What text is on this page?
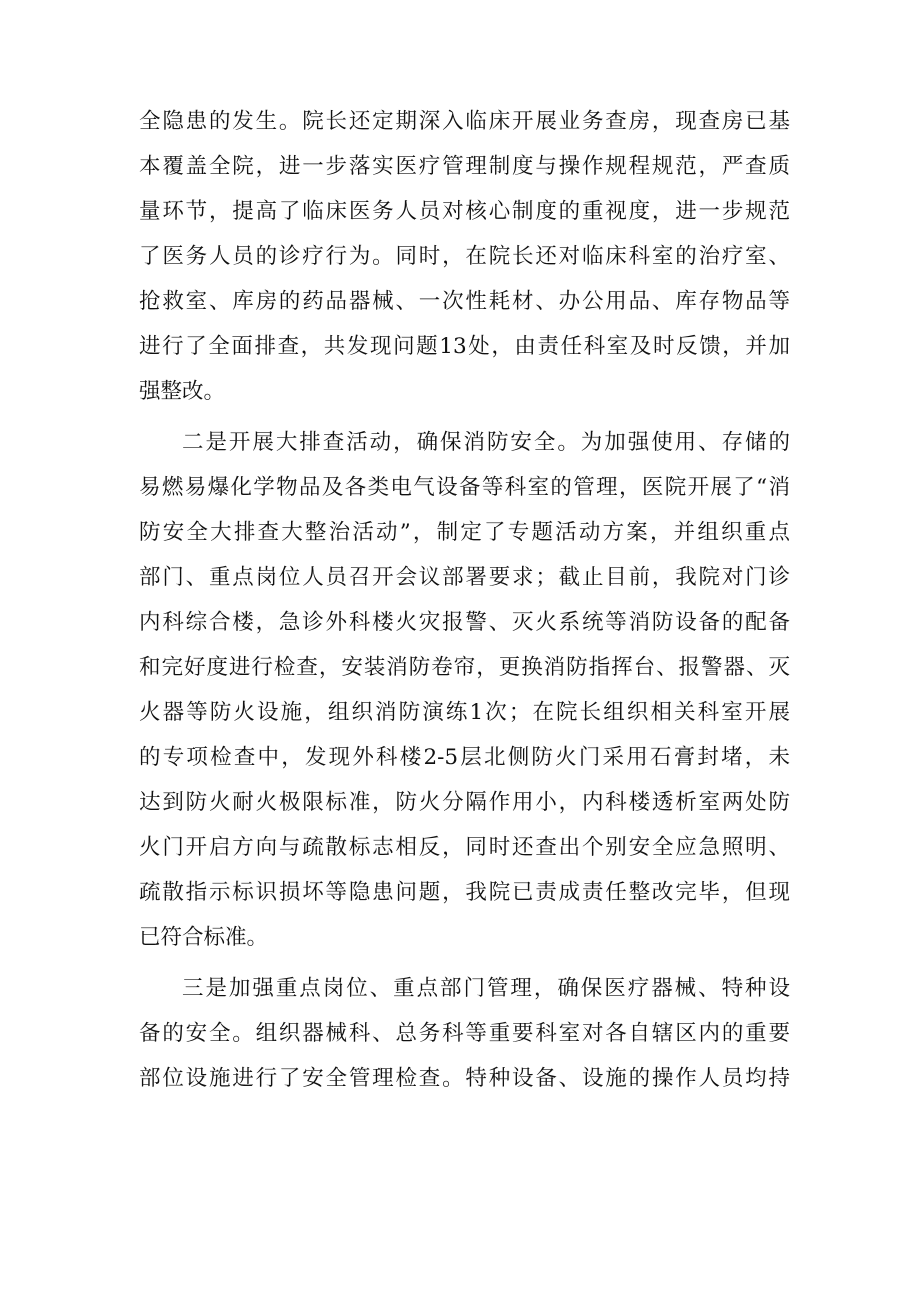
全隐患的发生。院长还定期深入临床开展业务查房，现查房已基
本覆盖全院，进一步落实医疗管理制度与操作规程规范，严查质
量环节，提高了临床医务人员对核心制度的重视度，进一步规范
了医务人员的诊疗行为。同时，在院长还对临床科室的治疗室、
抢救室、库房的药品器械、一次性耗材、办公用品、库存物品等
进行了全面排查，共发现问题13处，由责任科室及时反馈，并加
强整改。
二是开展大排查活动，确保消防安全。为加强使用、存储的
易燃易爆化学物品及各类电气设备等科室的管理，医院开展了“消
防安全大排查大整治活动”，制定了专题活动方案，并组织重点
部门、重点岗位人员召开会议部署要求；截止目前，我院对门诊
内科综合楼，急诊外科楼火灾报警、灭火系统等消防设备的配备
和完好度进行检查，安装消防卷帘，更换消防指挥台、报警器、灭
火器等防火设施，组织消防演练1次；在院长组织相关科室开展
的专项检查中，发现外科楼2-5层北侧防火门采用石膏封堵，未
达到防火耐火极限标准，防火分隔作用小，内科楼透析室两处防
火门开启方向与疏散标志相反，同时还查出个别安全应急照明、
疏散指示标识损坏等隐患问题，我院已责成责任整改完毕，但现
已符合标准。
三是加强重点岗位、重点部门管理，确保医疗器械、特种设
备的安全。组织器械科、总务科等重要科室对各自辖区内的重要
部位设施进行了安全管理检查。特种设备、设施的操作人员均持
